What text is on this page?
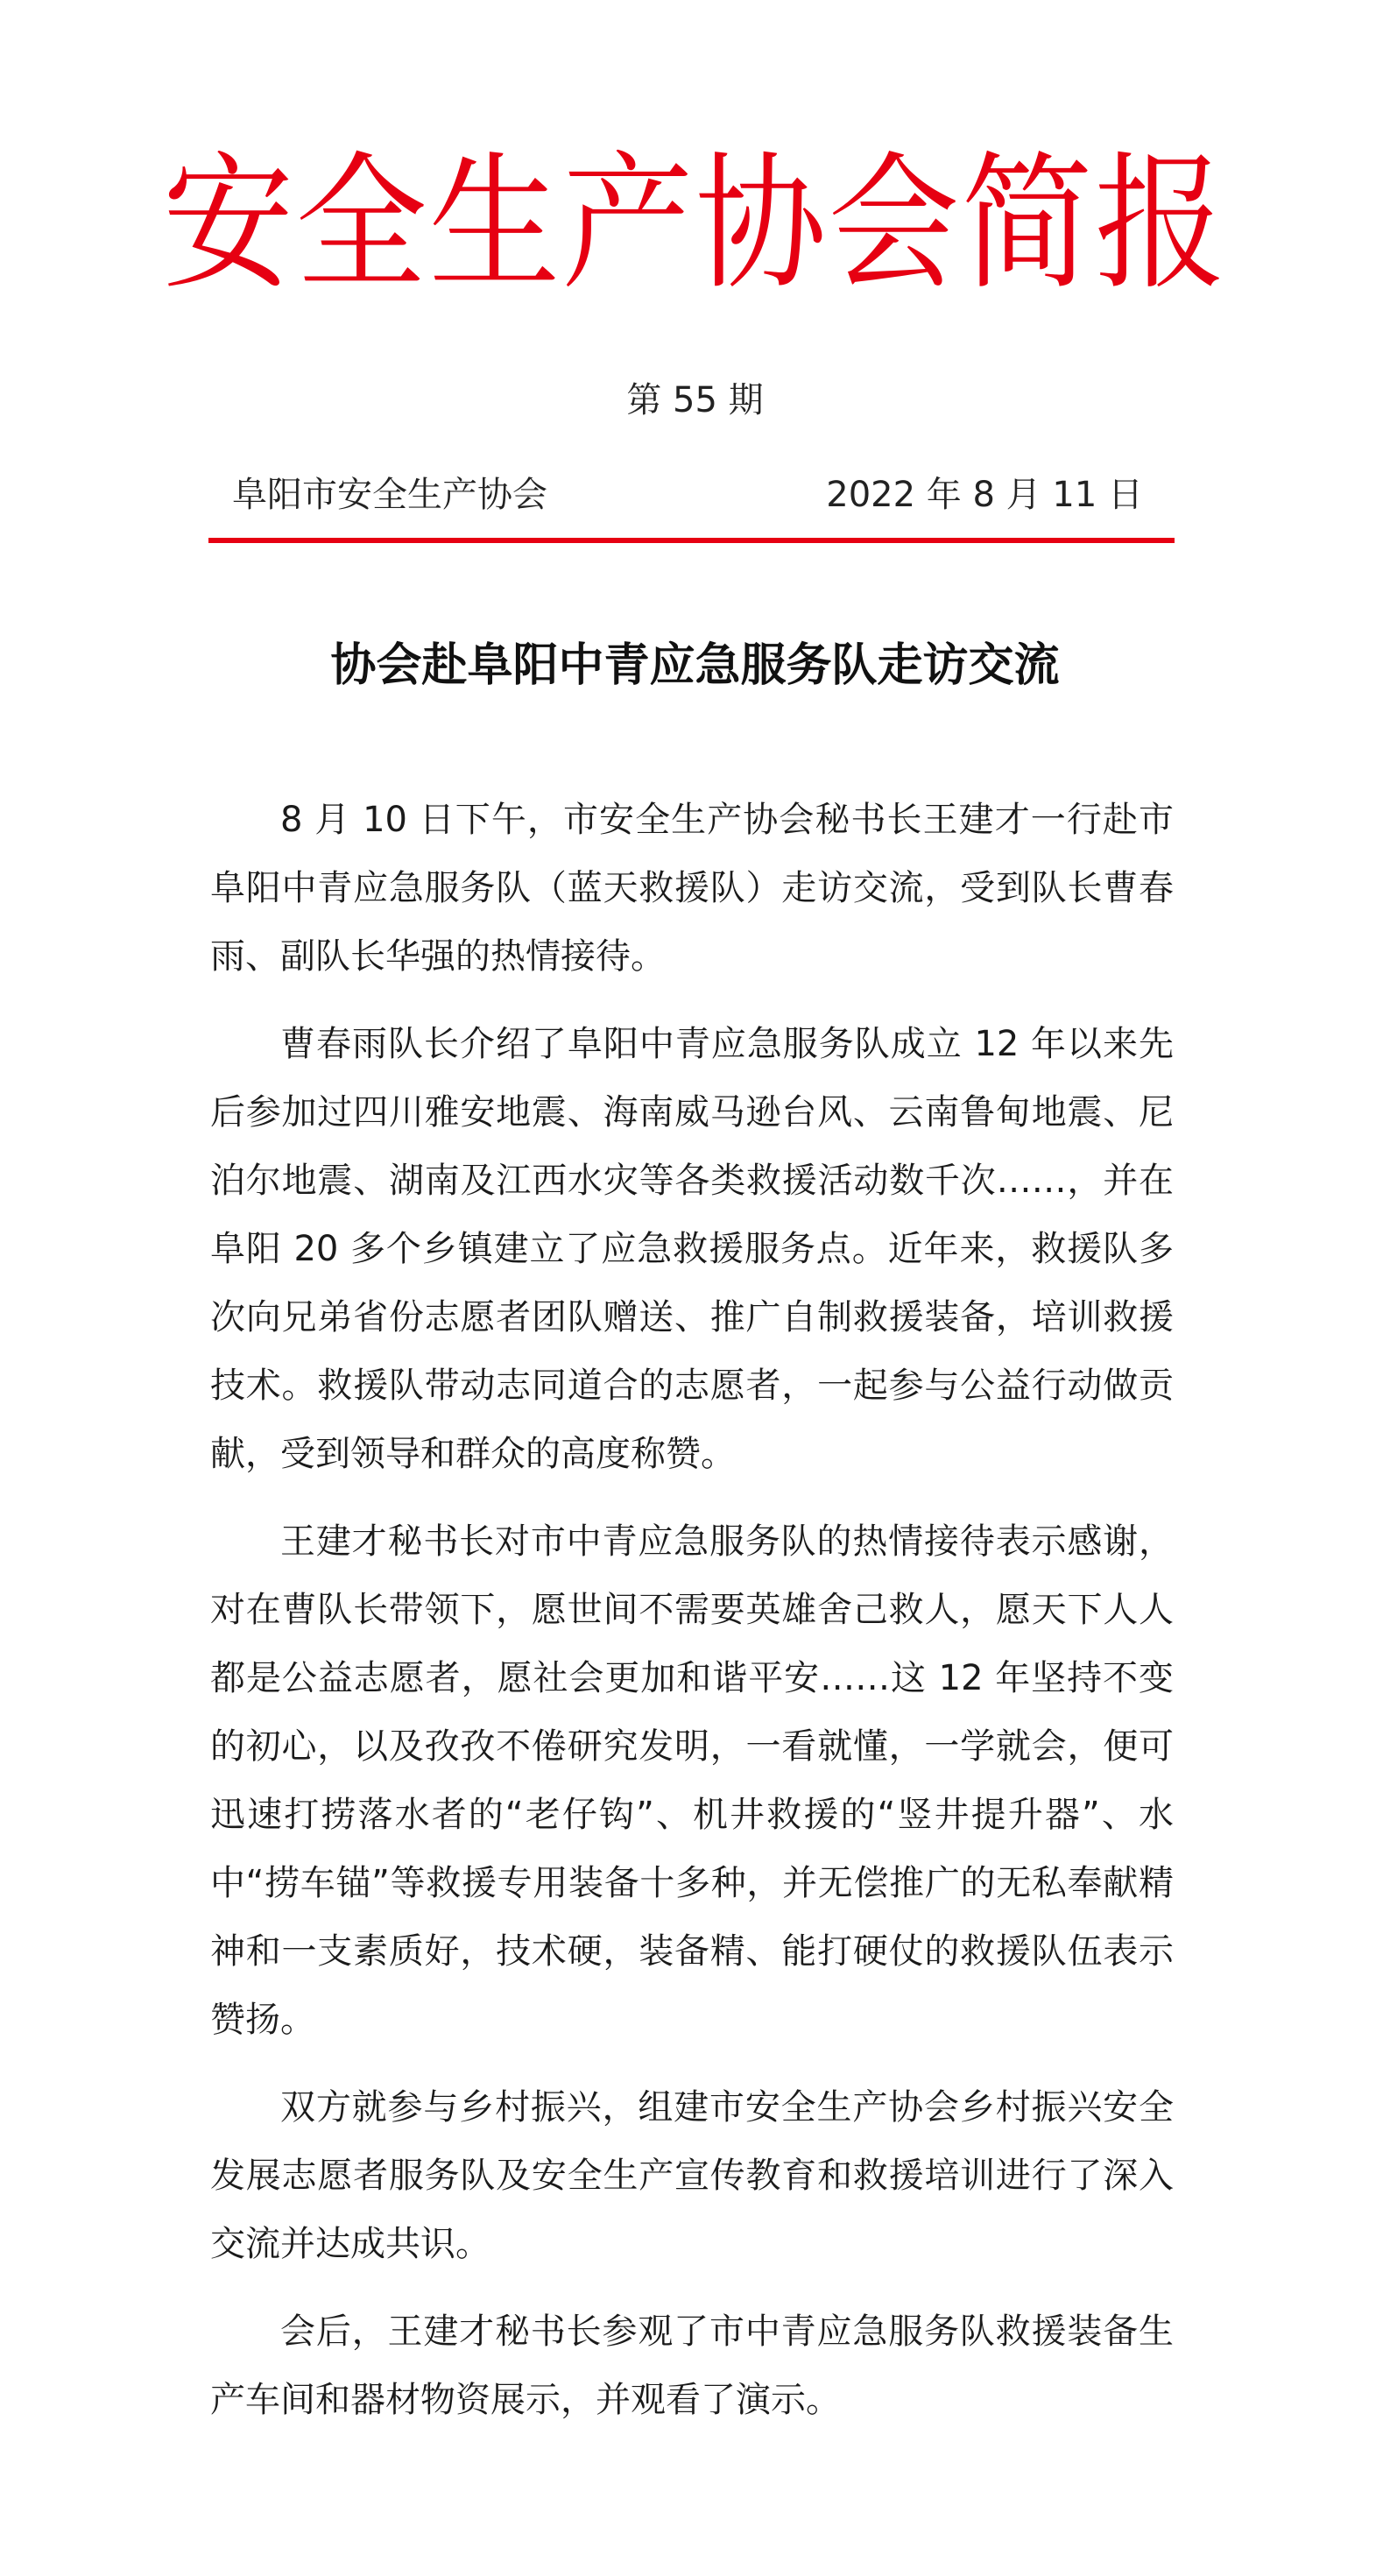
安全生产协会简报
第 55 期
阜阳市安全生产协会	2022 年 8 月 11 日
协会赴阜阳中青应急服务队走访交流

8 月 10 日下午，市安全生产协会秘书长王建才一行赴市阜阳中青应急服务队（蓝天救援队）走访交流，受到队长曹春雨、副队长华强的热情接待。

曹春雨队长介绍了阜阳中青应急服务队成立 12 年以来先后参加过四川雅安地震、海南威马逊台风、云南鲁甸地震、尼泊尔地震、湖南及江西水灾等各类救援活动数千次……，并在阜阳 20 多个乡镇建立了应急救援服务点。近年来，救援队多次向兄弟省份志愿者团队赠送、推广自制救援装备，培训救援技术。救援队带动志同道合的志愿者，一起参与公益行动做贡献，受到领导和群众的高度称赞。

王建才秘书长对市中青应急服务队的热情接待表示感谢，对在曹队长带领下，愿世间不需要英雄舍己救人，愿天下人人都是公益志愿者，愿社会更加和谐平安……这 12 年坚持不变的初心，以及孜孜不倦研究发明，一看就懂，一学就会，便可迅速打捞落水者的“老仔钩”、机井救援的“竖井提升器”、水中“捞车锚”等救援专用装备十多种，并无偿推广的无私奉献精神和一支素质好，技术硬，装备精、能打硬仗的救援队伍表示赞扬。

双方就参与乡村振兴，组建市安全生产协会乡村振兴安全发展志愿者服务队及安全生产宣传教育和救援培训进行了深入交流并达成共识。

会后，王建才秘书长参观了市中青应急服务队救援装备生产车间和器材物资展示，并观看了演示。
